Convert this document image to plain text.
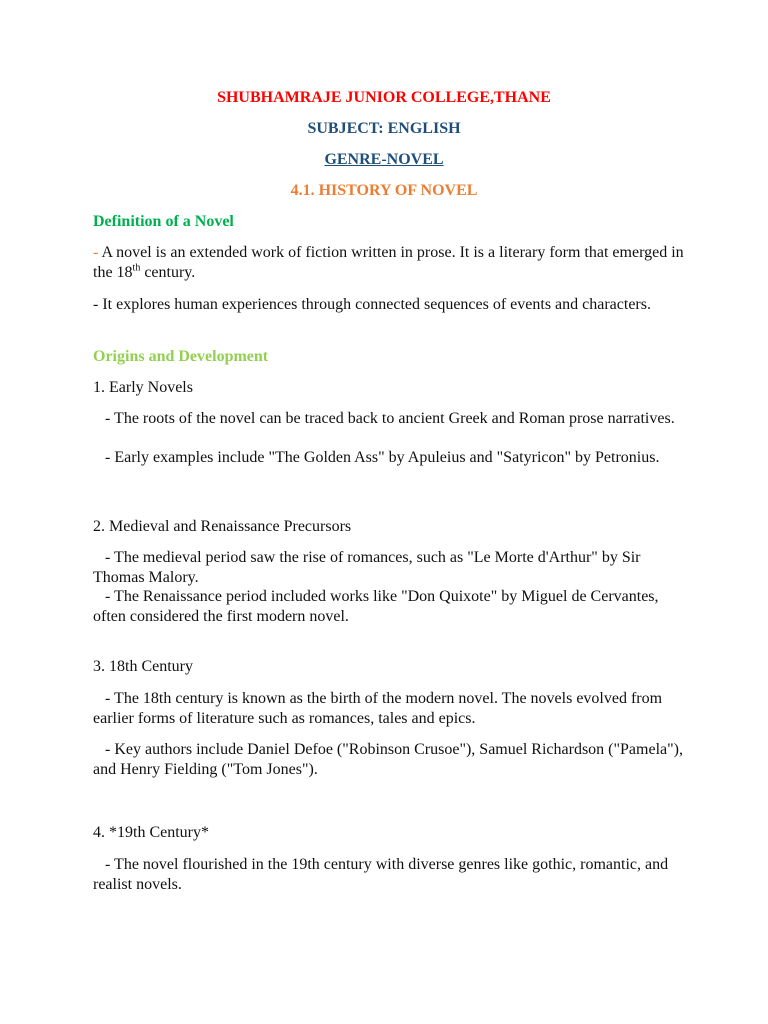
SHUBHAMRAJE JUNIOR COLLEGE,THANE
SUBJECT: ENGLISH
GENRE-NOVEL
4.1. HISTORY OF NOVEL
Definition of a Novel

- A novel is an extended work of fiction written in prose. It is a literary form that emerged in the 18th century.

- It explores human experiences through connected sequences of events and characters.

Origins and Development

1. Early Novels

- The roots of the novel can be traced back to ancient Greek and Roman prose narratives.

- Early examples include "The Golden Ass" by Apuleius and "Satyricon" by Petronius.

2. Medieval and Renaissance Precursors

- The medieval period saw the rise of romances, such as "Le Morte d'Arthur" by Sir Thomas Malory.

- The Renaissance period included works like "Don Quixote" by Miguel de Cervantes, often considered the first modern novel.

3. 18th Century

- The 18th century is known as the birth of the modern novel. The novels evolved from earlier forms of literature such as romances, tales and epics.

- Key authors include Daniel Defoe ("Robinson Crusoe"), Samuel Richardson ("Pamela"), and Henry Fielding ("Tom Jones").

4. *19th Century*

- The novel flourished in the 19th century with diverse genres like gothic, romantic, and realist novels.
